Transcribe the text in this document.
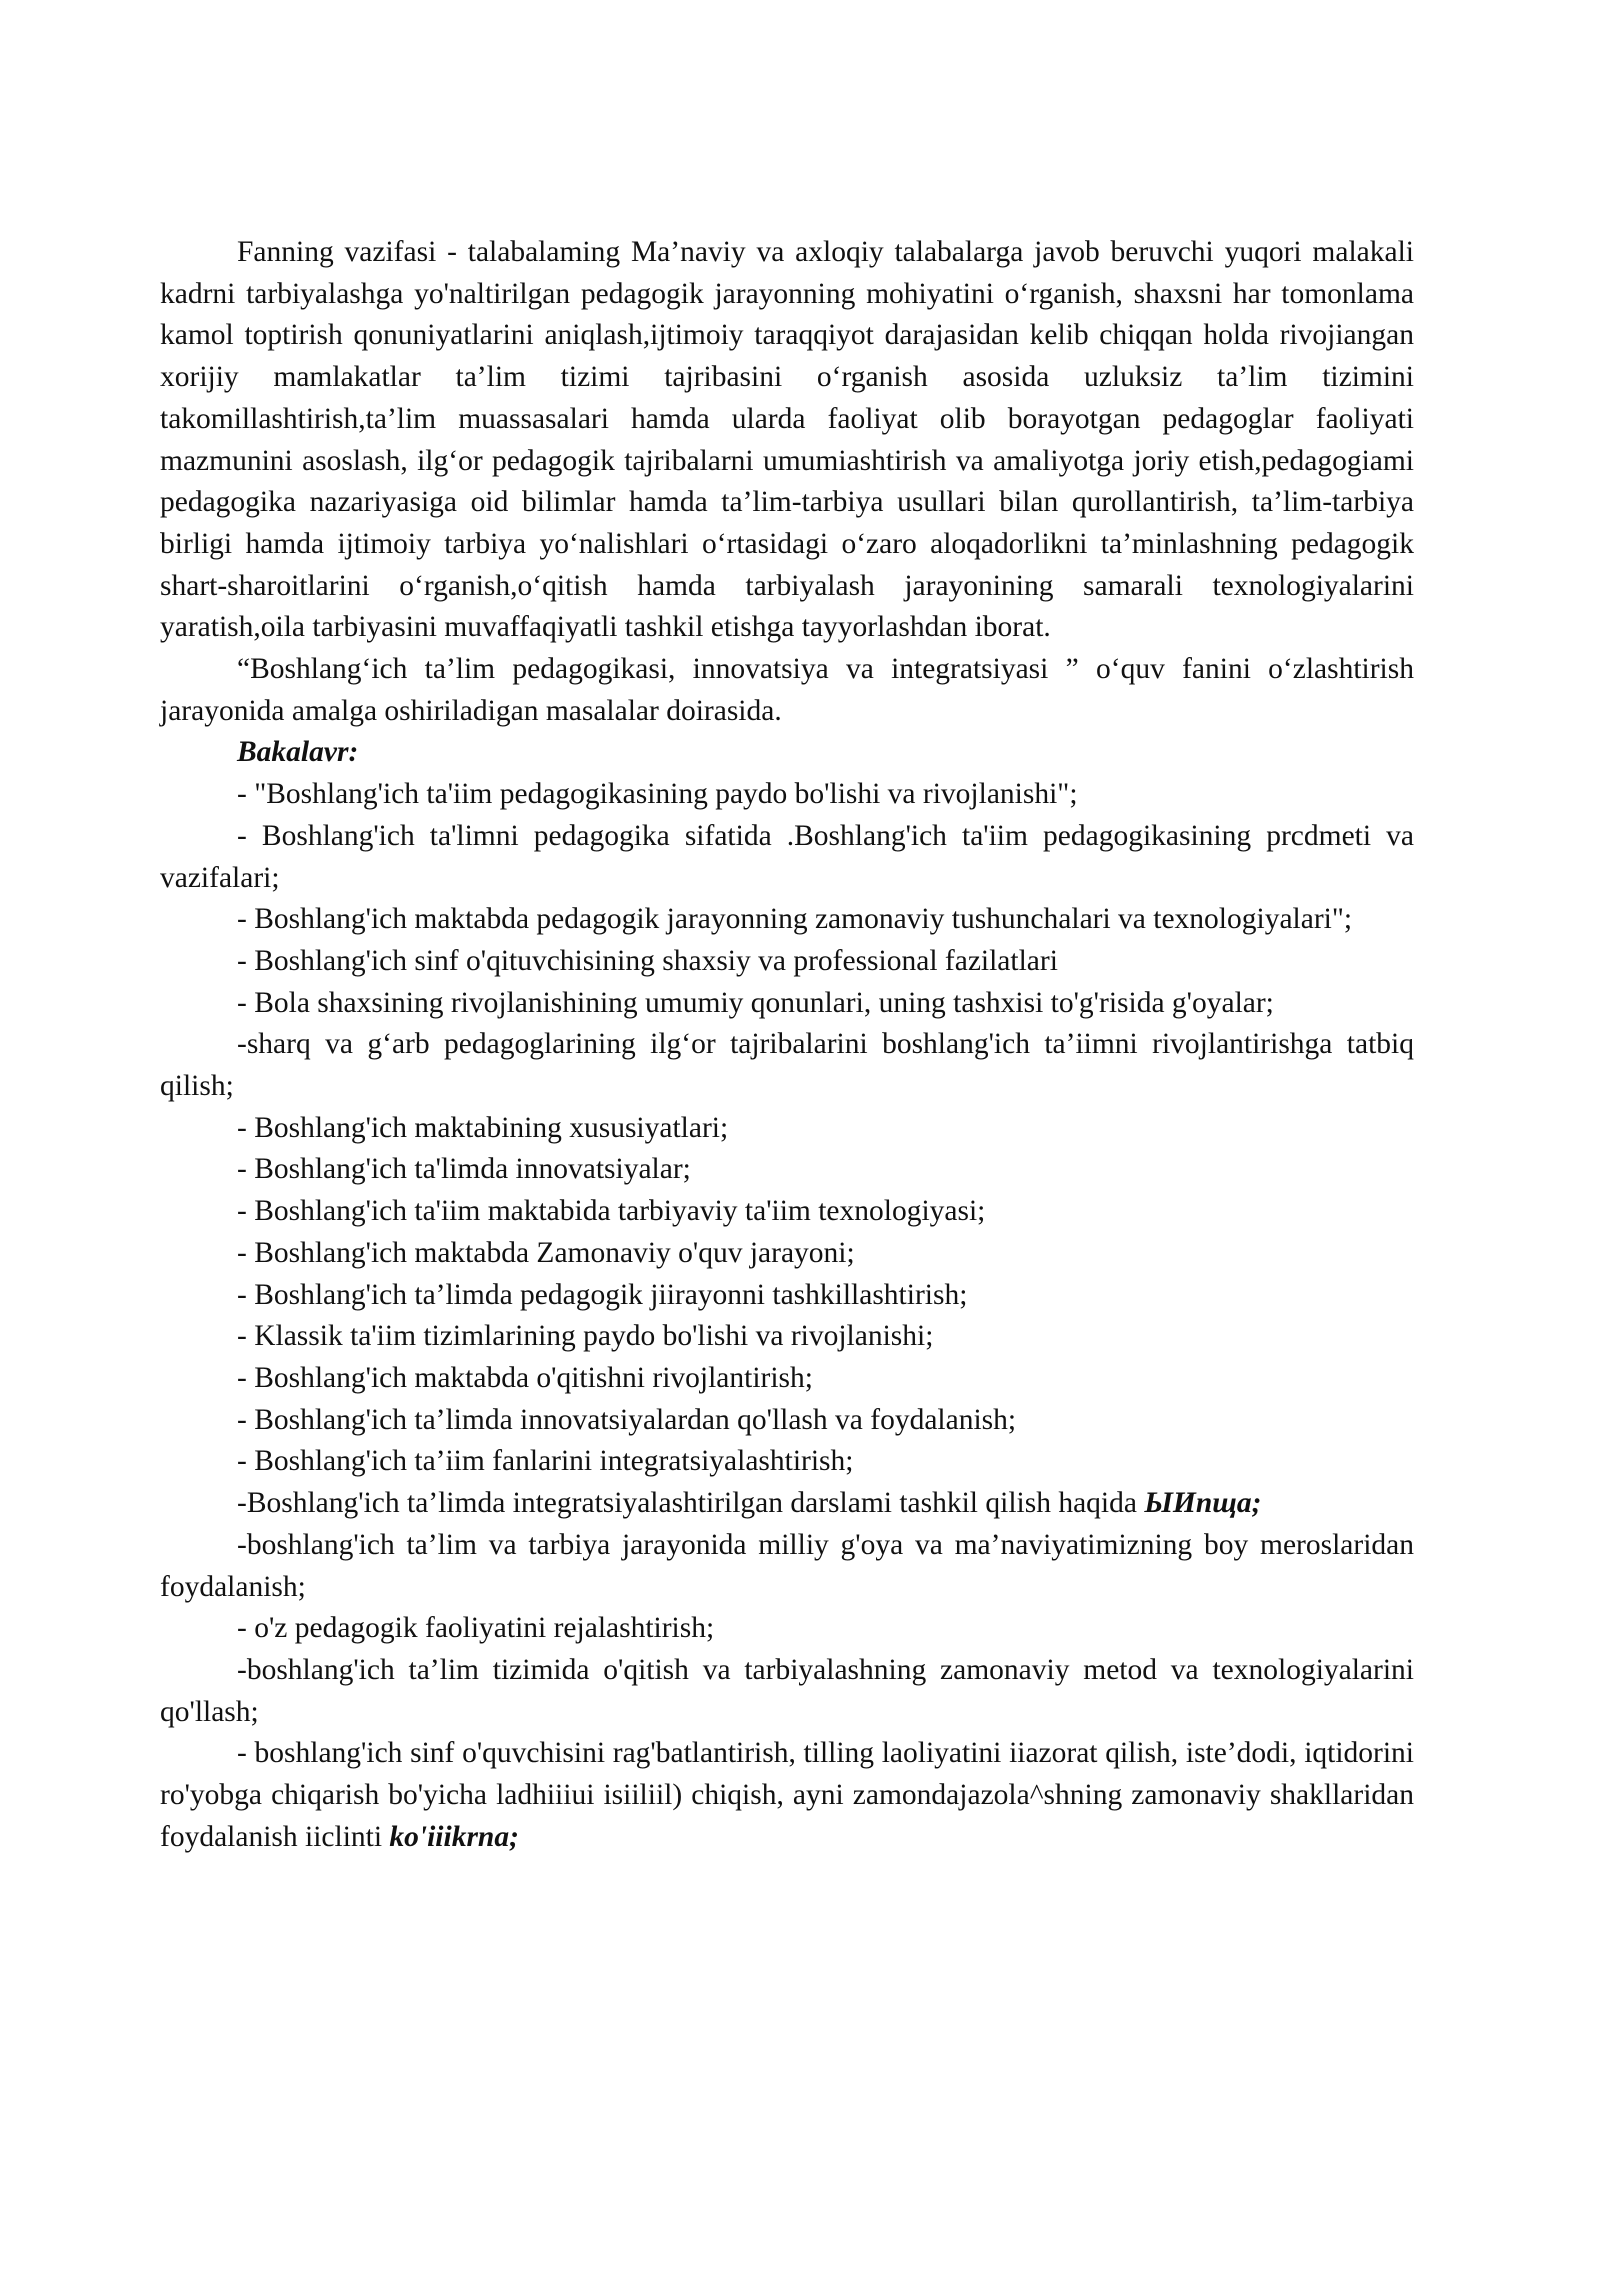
Fanning vazifasi - talabalaming Ma’naviy va axloqiy talabalarga javob beruvchi yuqori malakali kadrni tarbiyalashga yo'naltirilgan pedagogik jarayonning mohiyatini o‘rganish, shaxsni har tomonlama kamol toptirish qonuniyatlarini aniqlash,ijtimoiy taraqqiyot darajasidan kelib chiqqan holda rivojiangan xorijiy mamlakatlar ta’lim tizimi tajribasini o‘rganish asosida uzluksiz ta’lim tizimini takomillashtirish,ta’lim muassasalari hamda ularda faoliyat olib borayotgan pedagoglar faoliyati mazmunini asoslash, ilg‘or pedagogik tajribalarni umumiashtirish va amaliyotga joriy etish,pedagogiami pedagogika nazariyasiga oid bilimlar hamda ta’lim-tarbiya usullari bilan qurollantirish, ta’lim-tarbiya birligi hamda ijtimoiy tarbiya yo‘nalishlari o‘rtasidagi o‘zaro aloqadorlikni ta’minlashning pedagogik shart-sharoitlarini o‘rganish,o‘qitish hamda tarbiyalash jarayonining samarali texnologiyalarini yaratish,oila tarbiyasini muvaffaqiyatli tashkil etishga tayyorlashdan iborat.

“Boshlang‘ich ta’lim pedagogikasi, innovatsiya va integratsiyasi ” o‘quv fanini o‘zlashtirish jarayonida amalga oshiriladigan masalalar doirasida.

Bakalavr:

- "Boshlang'ich ta'iim pedagogikasining paydo bo'lishi va rivojlanishi";

- Boshlang'ich ta'limni pedagogika sifatida .Boshlang'ich ta'iim pedagogikasining prcdmeti va vazifalari;

- Boshlang'ich maktabda pedagogik jarayonning zamonaviy tushunchalari va texnologiyalari";

- Boshlang'ich sinf o'qituvchisining shaxsiy va professional fazilatlari

- Bola shaxsining rivojlanishining umumiy qonunlari, uning tashxisi to'g'risida g'oyalar;

-sharq va g‘arb pedagoglarining ilg‘or tajribalarini boshlang'ich ta’iimni rivojlantirishga tatbiq qilish;

- Boshlang'ich maktabining xususiyatlari;

- Boshlang'ich ta'limda innovatsiyalar;

- Boshlang'ich ta'iim maktabida tarbiyaviy ta'iim texnologiyasi;

- Boshlang'ich maktabda Zamonaviy o'quv jarayoni;

- Boshlang'ich ta’limda pedagogik jiirayonni tashkillashtirish;

- Klassik ta'iim tizimlarining paydo bo'lishi va rivojlanishi;

- Boshlang'ich maktabda o'qitishni rivojlantirish;

- Boshlang'ich ta’limda innovatsiyalardan qo'llash va foydalanish;

- Boshlang'ich ta’iim fanlarini integratsiyalashtirish;

-Boshlang'ich ta’limda integratsiyalashtirilgan darslami tashkil qilish haqida ЫИпща;

-boshlang'ich ta’lim va tarbiya jarayonida milliy g'oya va ma’naviyatimizning boy meroslaridan foydalanish;

- o'z pedagogik faoliyatini rejalashtirish;

-boshlang'ich ta’lim tizimida o'qitish va tarbiyalashning zamonaviy metod va texnologiyalarini qo'llash;

- boshlang'ich sinf o'quvchisini rag'batlantirish, tilling laoliyatini iiazorat qilish, iste’dodi, iqtidorini ro'yobga chiqarish bo'yicha ladhiiiui isiiliil) chiqish, ayni zamondajazola^shning zamonaviy shakllaridan foydalanish iiclinti ko'iiikrna;
